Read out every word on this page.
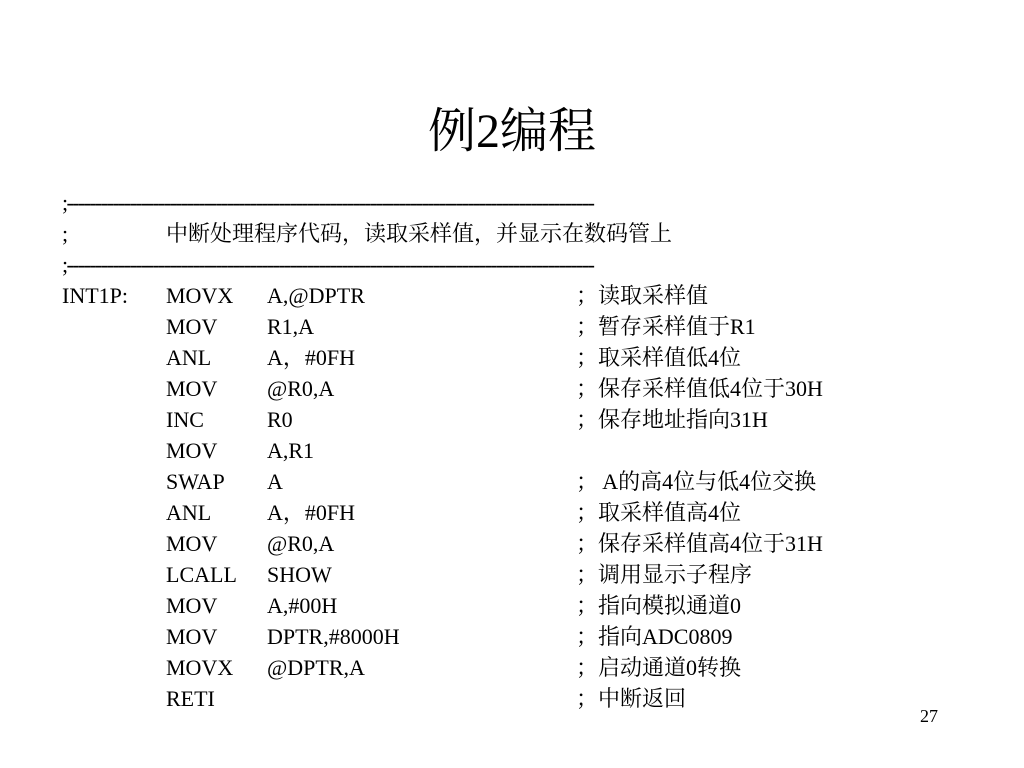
例2编程
;--------------------------------------------------------------------------------------------
;	中断处理程序代码，读取采样值，并显示在数码管上
;--------------------------------------------------------------------------------------------
INT1P: MOVX A,@DPTR	；读取采样值
MOV R1,A	；暂存采样值于R1
ANL	A，#0FH	；取采样值低4位
MOV @R0,A	；保存采样值低4位于30H
INC	R0	；保存地址指向31H
MOV A,R1
SWAP A	； A的高4位与低4位交换
ANL	A，#0FH	；取采样值高4位
MOV @R0,A	；保存采样值高4位于31H
LCALL SHOW	；调用显示子程序
MOV A,#00H	；指向模拟通道0
MOV DPTR,#8000H	；指向ADC0809
MOVX @DPTR,A	；启动通道0转换
RETI	；中断返回
27
